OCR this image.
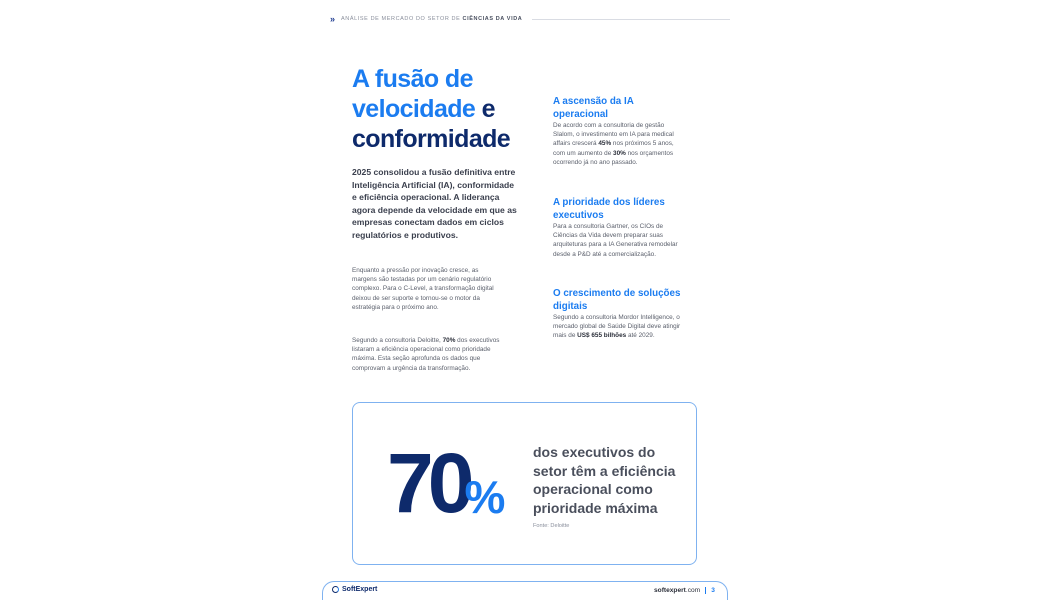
» ANÁLISE DE MERCADO DO SETOR DE CIÊNCIAS DA VIDA
A fusão de
velocidade e
conformidade

2025 consolidou a fusão definitiva entre Inteligência Artificial (IA), conformidade e eficiência operacional. A liderança agora depende da velocidade em que as empresas conectam dados em ciclos regulatórios e produtivos.

Enquanto a pressão por inovação cresce, as margens são testadas por um cenário regulatório complexo. Para o C-Level, a transformação digital deixou de ser suporte e tornou-se o motor da estratégia para o próximo ano.

Segundo a consultoria Deloitte, 70% dos executivos listaram a eficiência operacional como prioridade máxima. Esta seção aprofunda os dados que comprovam a urgência da transformação.

A ascensão da IA operacional

De acordo com a consultoria de gestão Slalom, o investimento em IA para medical affairs crescerá 45% nos próximos 5 anos, com um aumento de 30% nos orçamentos ocorrendo já no ano passado.

A prioridade dos líderes executivos

Para a consultoria Gartner, os CIOs de Ciências da Vida devem preparar suas arquiteturas para a IA Generativa remodelar desde a P&D até a comercialização.

O crescimento de soluções digitais

Segundo a consultoria Mordor Intelligence, o mercado global de Saúde Digital deve atingir mais de US$ 655 bilhões até 2029.

70
%

dos executivos do setor têm a eficiência operacional como prioridade máxima

Fonte: Deloitte

SoftExpert	softexpert.com 3
